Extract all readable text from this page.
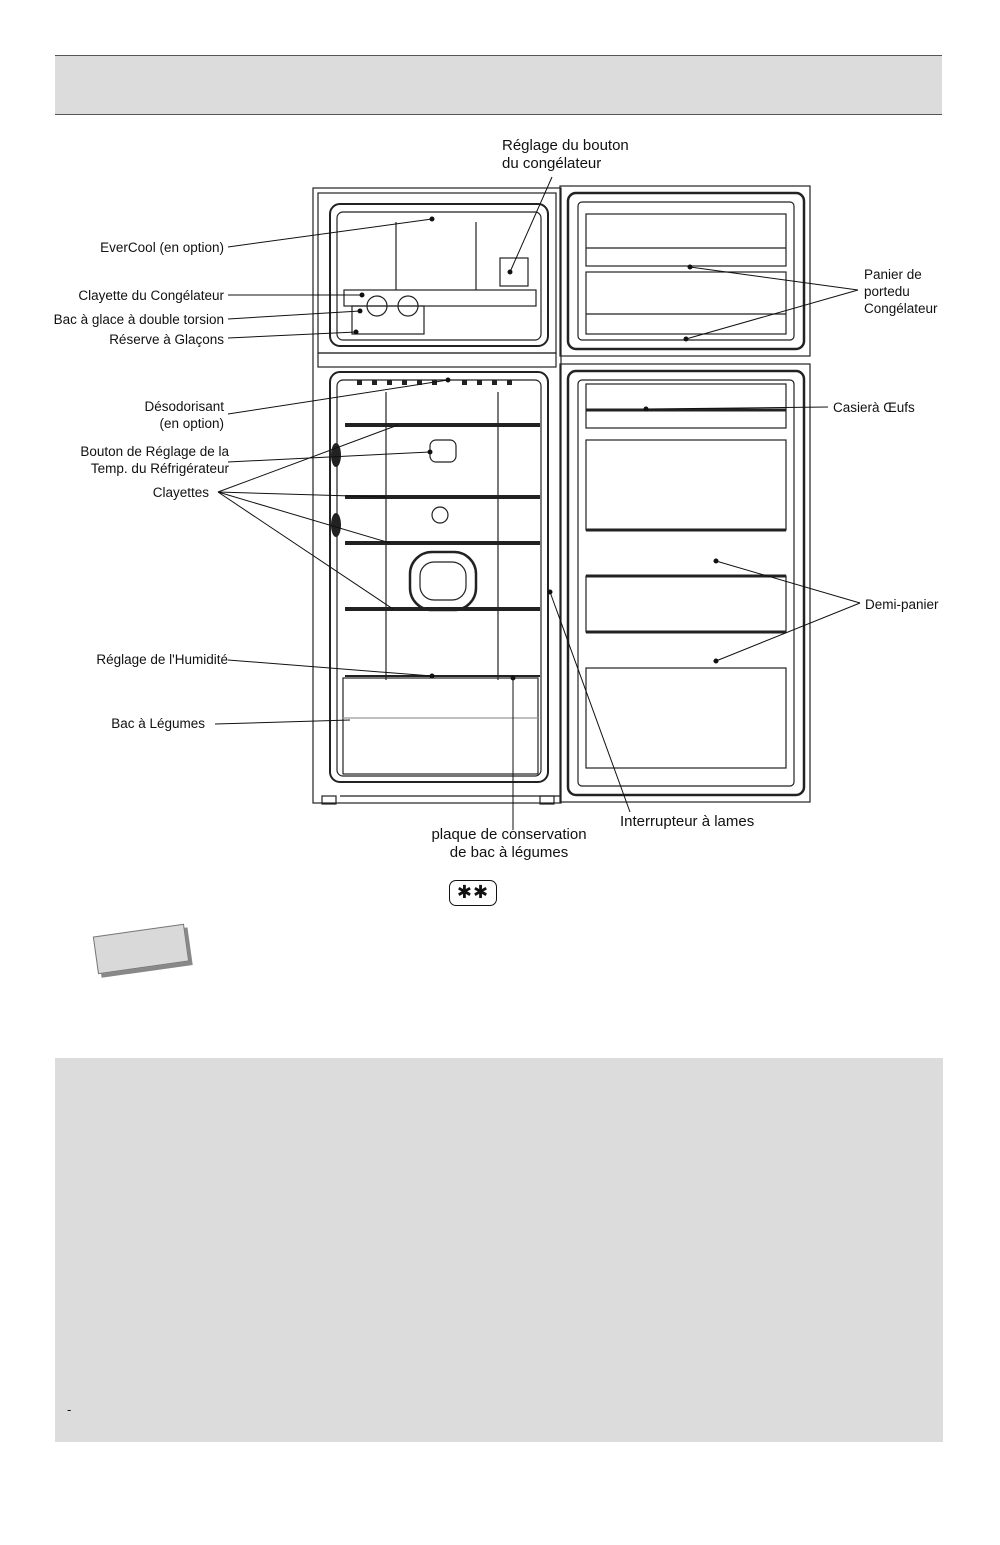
Réglage du bouton
du congélateur
EverCool (en option)
Clayette du Congélateur
Bac à glace à double torsion
Réserve à Glaçons
Désodorisant
(en option)
Bouton de Réglage de la
Temp. du Réfrigérateur
Clayettes
Réglage de l'Humidité
Bac à Légumes
plaque de conservation
de bac à légumes
Interrupteur à lames
Panier de
portedu
Congélateur
Casierà Œufs
Demi-panier
✱✱
-
